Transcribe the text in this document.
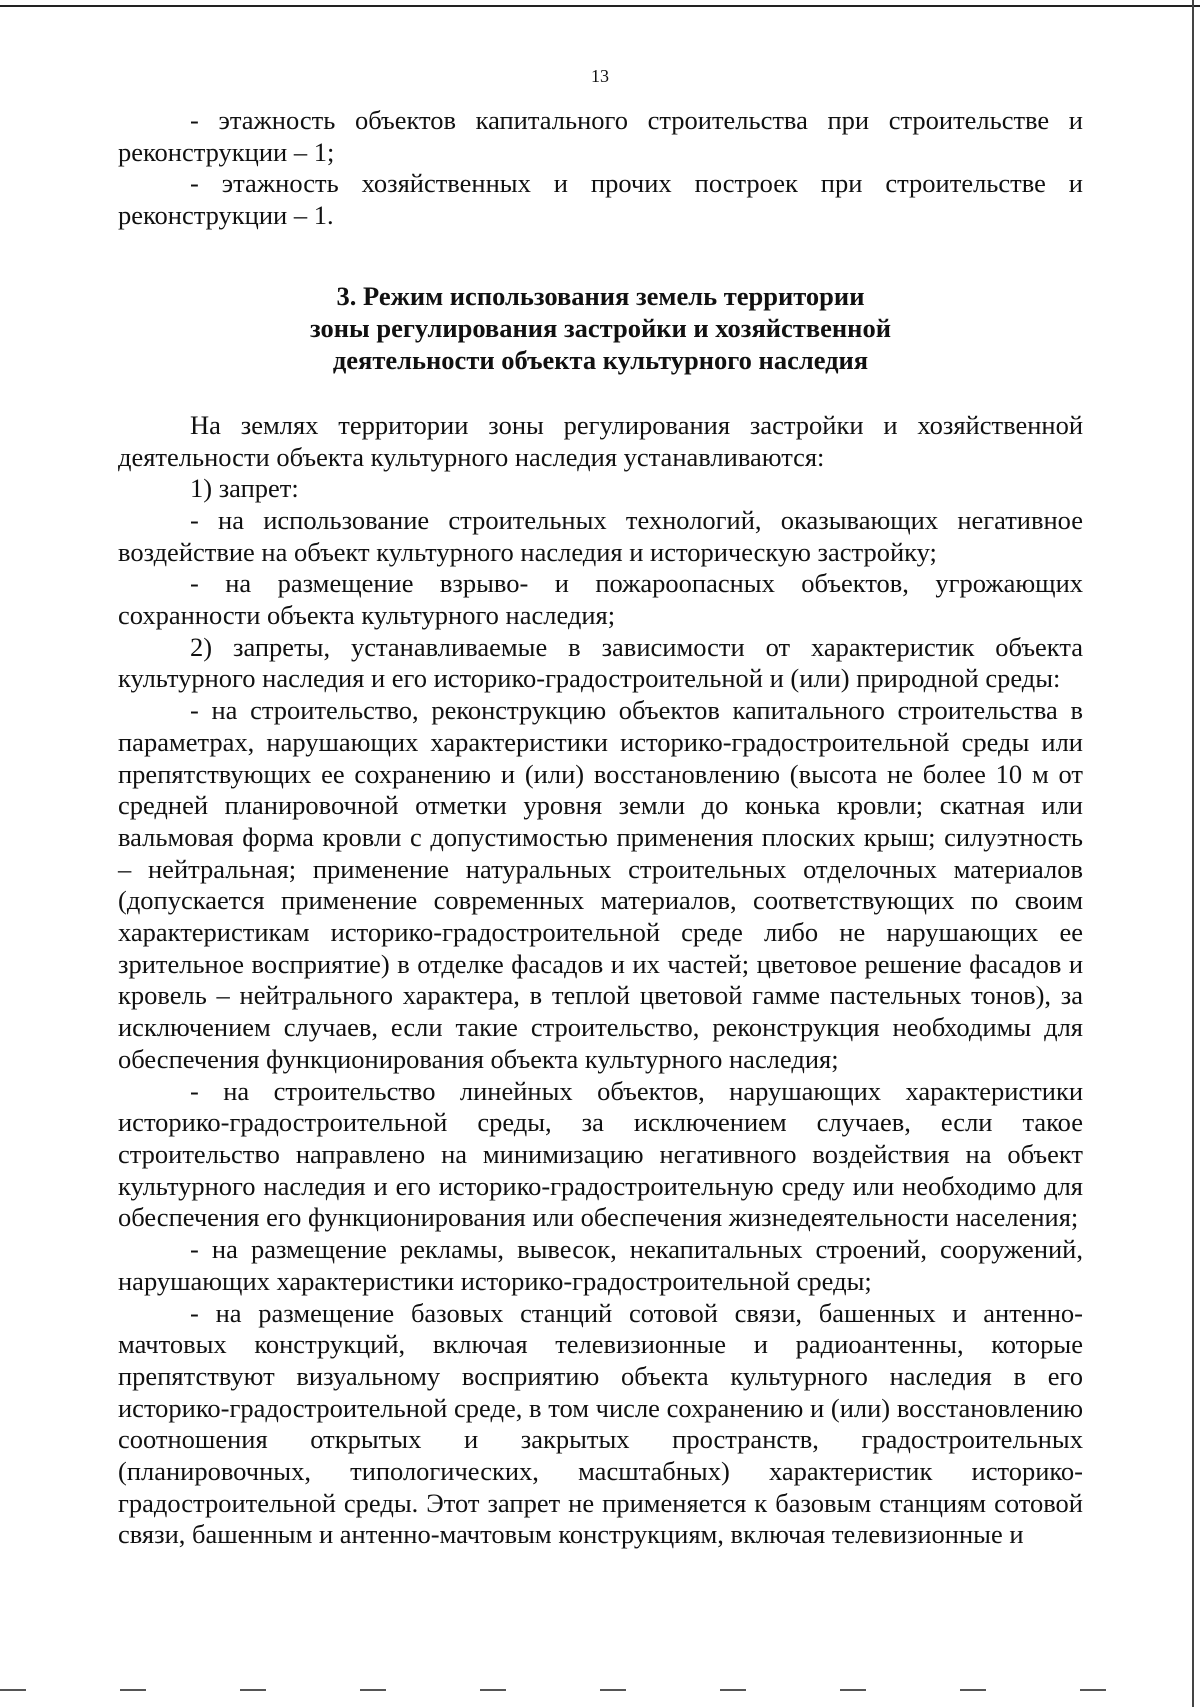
13

- этажность объектов капитального строительства при строительстве и реконструкции – 1;

- этажность хозяйственных и прочих построек при строительстве и реконструкции – 1.

3. Режим использования земель территории
зоны регулирования застройки и хозяйственной
деятельности объекта культурного наследия

На землях территории зоны регулирования застройки и хозяйственной деятельности объекта культурного наследия устанавливаются:

1) запрет:

- на использование строительных технологий, оказывающих негативное воздействие на объект культурного наследия и историческую застройку;

- на размещение взрыво- и пожароопасных объектов, угрожающих сохранности объекта культурного наследия;

2) запреты, устанавливаемые в зависимости от характеристик объекта культурного наследия и его историко-градостроительной и (или) природной среды:

- на строительство, реконструкцию объектов капитального строительства в параметрах, нарушающих характеристики историко-градостроительной среды или препятствующих ее сохранению и (или) восстановлению (высота не более 10 м от средней планировочной отметки уровня земли до конька кровли; скатная или вальмовая форма кровли с допустимостью применения плоских крыш; силуэтность – нейтральная; применение натуральных строительных отделочных материалов (допускается применение современных материалов, соответствующих по своим характеристикам историко-градостроительной среде либо не нарушающих ее зрительное восприятие) в отделке фасадов и их частей; цветовое решение фасадов и кровель – нейтрального характера, в теплой цветовой гамме пастельных тонов), за исключением случаев, если такие строительство, реконструкция необходимы для обеспечения функционирования объекта культурного наследия;

- на строительство линейных объектов, нарушающих характеристики историко-градостроительной среды, за исключением случаев, если такое строительство направлено на минимизацию негативного воздействия на объект культурного наследия и его историко-градостроительную среду или необходимо для обеспечения его функционирования или обеспечения жизнедеятельности населения;

- на размещение рекламы, вывесок, некапитальных строений, сооружений, нарушающих характеристики историко-градостроительной среды;

- на размещение базовых станций сотовой связи, башенных и антенно-мачтовых конструкций, включая телевизионные и радиоантенны, которые препятствуют визуальному восприятию объекта культурного наследия в его историко-градостроительной среде, в том числе сохранению и (или) восстановлению соотношения открытых и закрытых пространств, градостроительных (планировочных, типологических, масштабных) характеристик историко-градостроительной среды. Этот запрет не применяется к базовым станциям сотовой связи, башенным и антенно-мачтовым конструкциям, включая телевизионные и
